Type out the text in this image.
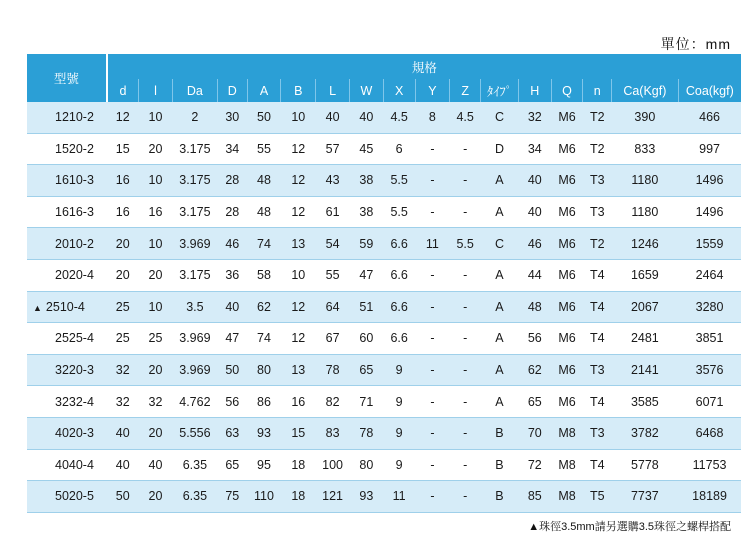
單位：mm
型號	規格																
	d	l	Da	D	A	B	L	W	X	Y	Z	ﾀｲﾌﾟ	H	Q	n	Ca(Kgf)	Coa(kgf)
1210-2	12	10	2	30	50	10	40	40	4.5	8	4.5	C	32	M6	T2	390	466
1520-2	15	20	3.175	34	55	12	57	45	6	-	-	D	34	M6	T2	833	997
1610-3	16	10	3.175	28	48	12	43	38	5.5	-	-	A	40	M6	T3	1180	1496
1616-3	16	16	3.175	28	48	12	61	38	5.5	-	-	A	40	M6	T3	1180	1496
2010-2	20	10	3.969	46	74	13	54	59	6.6	11	5.5	C	46	M6	T2	1246	1559
2020-4	20	20	3.175	36	58	10	55	47	6.6	-	-	A	44	M6	T4	1659	2464
▲ 2510-4	25	10	3.5	40	62	12	64	51	6.6	-	-	A	48	M6	T4	2067	3280
2525-4	25	25	3.969	47	74	12	67	60	6.6	-	-	A	56	M6	T4	2481	3851
3220-3	32	20	3.969	50	80	13	78	65	9	-	-	A	62	M6	T3	2141	3576
3232-4	32	32	4.762	56	86	16	82	71	9	-	-	A	65	M6	T4	3585	6071
4020-3	40	20	5.556	63	93	15	83	78	9	-	-	B	70	M8	T3	3782	6468
4040-4	40	40	6.35	65	95	18	100	80	9	-	-	B	72	M8	T4	5778	11753
5020-5	50	20	6.35	75	110	18	121	93	11	-	-	B	85	M8	T5	7737	18189
▲珠徑3.5mm請另選購3.5珠徑之螺桿搭配
